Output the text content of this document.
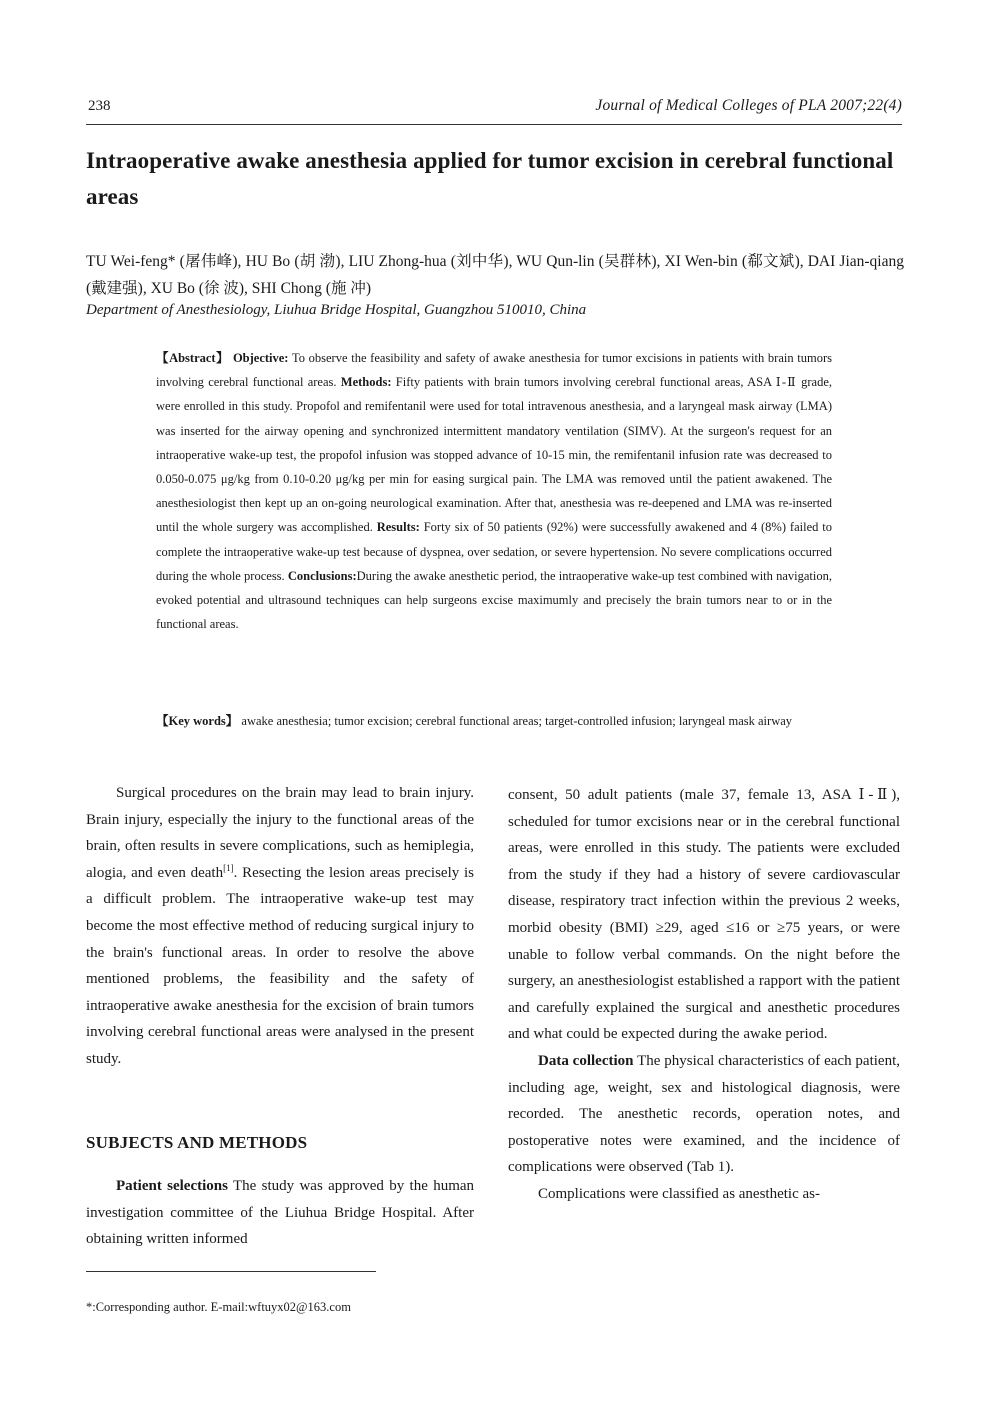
238	Journal of Medical Colleges of PLA 2007;22(4)
Intraoperative awake anesthesia applied for tumor excision in cerebral functional areas

TU Wei-feng* (屠伟峰), HU Bo (胡 渤), LIU Zhong-hua (刘中华), WU Qun-lin (吴群林), XI Wen-bin (郗文斌), DAI Jian-qiang (戴建强), XU Bo (徐 波), SHI Chong (施 冲)

Department of Anesthesiology, Liuhua Bridge Hospital, Guangzhou 510010, China

【Abstract】 Objective: To observe the feasibility and safety of awake anesthesia for tumor excisions in patients with brain tumors involving cerebral functional areas. Methods: Fifty patients with brain tumors involving cerebral functional areas, ASA Ⅰ-Ⅱ grade, were enrolled in this study. Propofol and remifentanil were used for total intravenous anesthesia, and a laryngeal mask airway (LMA) was inserted for the airway opening and synchronized intermittent mandatory ventilation (SIMV). At the surgeon's request for an intraoperative wake-up test, the propofol infusion was stopped advance of 10-15 min, the remifentanil infusion rate was decreased to 0.050-0.075 μg/kg from 0.10-0.20 μg/kg per min for easing surgical pain. The LMA was removed until the patient awakened. The anesthesiologist then kept up an on-going neurological examination. After that, anesthesia was re-deepened and LMA was re-inserted until the whole surgery was accomplished. Results: Forty six of 50 patients (92%) were successfully awakened and 4 (8%) failed to complete the intraoperative wake-up test because of dyspnea, over sedation, or severe hypertension. No severe complications occurred during the whole process. Conclusions:During the awake anesthetic period, the intraoperative wake-up test combined with navigation, evoked potential and ultrasound techniques can help surgeons excise maximumly and precisely the brain tumors near to or in the functional areas.

【Key words】 awake anesthesia; tumor excision; cerebral functional areas; target-controlled infusion; laryngeal mask airway

Surgical procedures on the brain may lead to brain injury. Brain injury, especially the injury to the functional areas of the brain, often results in severe complications, such as hemiplegia, alogia, and even death[1]. Resecting the lesion areas precisely is a difficult problem. The intraoperative wake-up test may become the most effective method of reducing surgical injury to the brain's functional areas. In order to resolve the above mentioned problems, the feasibility and the safety of intraoperative awake anesthesia for the excision of brain tumors involving cerebral functional areas were analysed in the present study.

SUBJECTS AND METHODS

Patient selections The study was approved by the human investigation committee of the Liuhua Bridge Hospital. After obtaining written informed

consent, 50 adult patients (male 37, female 13, ASA Ⅰ-Ⅱ), scheduled for tumor excisions near or in the cerebral functional areas, were enrolled in this study. The patients were excluded from the study if they had a history of severe cardiovascular disease, respiratory tract infection within the previous 2 weeks, morbid obesity (BMI) ≥29, aged ≤16 or ≥75 years, or were unable to follow verbal commands. On the night before the surgery, an anesthesiologist established a rapport with the patient and carefully explained the surgical and anesthetic procedures and what could be expected during the awake period.

Data collection The physical characteristics of each patient, including age, weight, sex and histological diagnosis, were recorded. The anesthetic records, operation notes, and postoperative notes were examined, and the incidence of complications were observed (Tab 1).

Complications were classified as anesthetic as-

*:Corresponding author. E-mail:wftuyx02@163.com
